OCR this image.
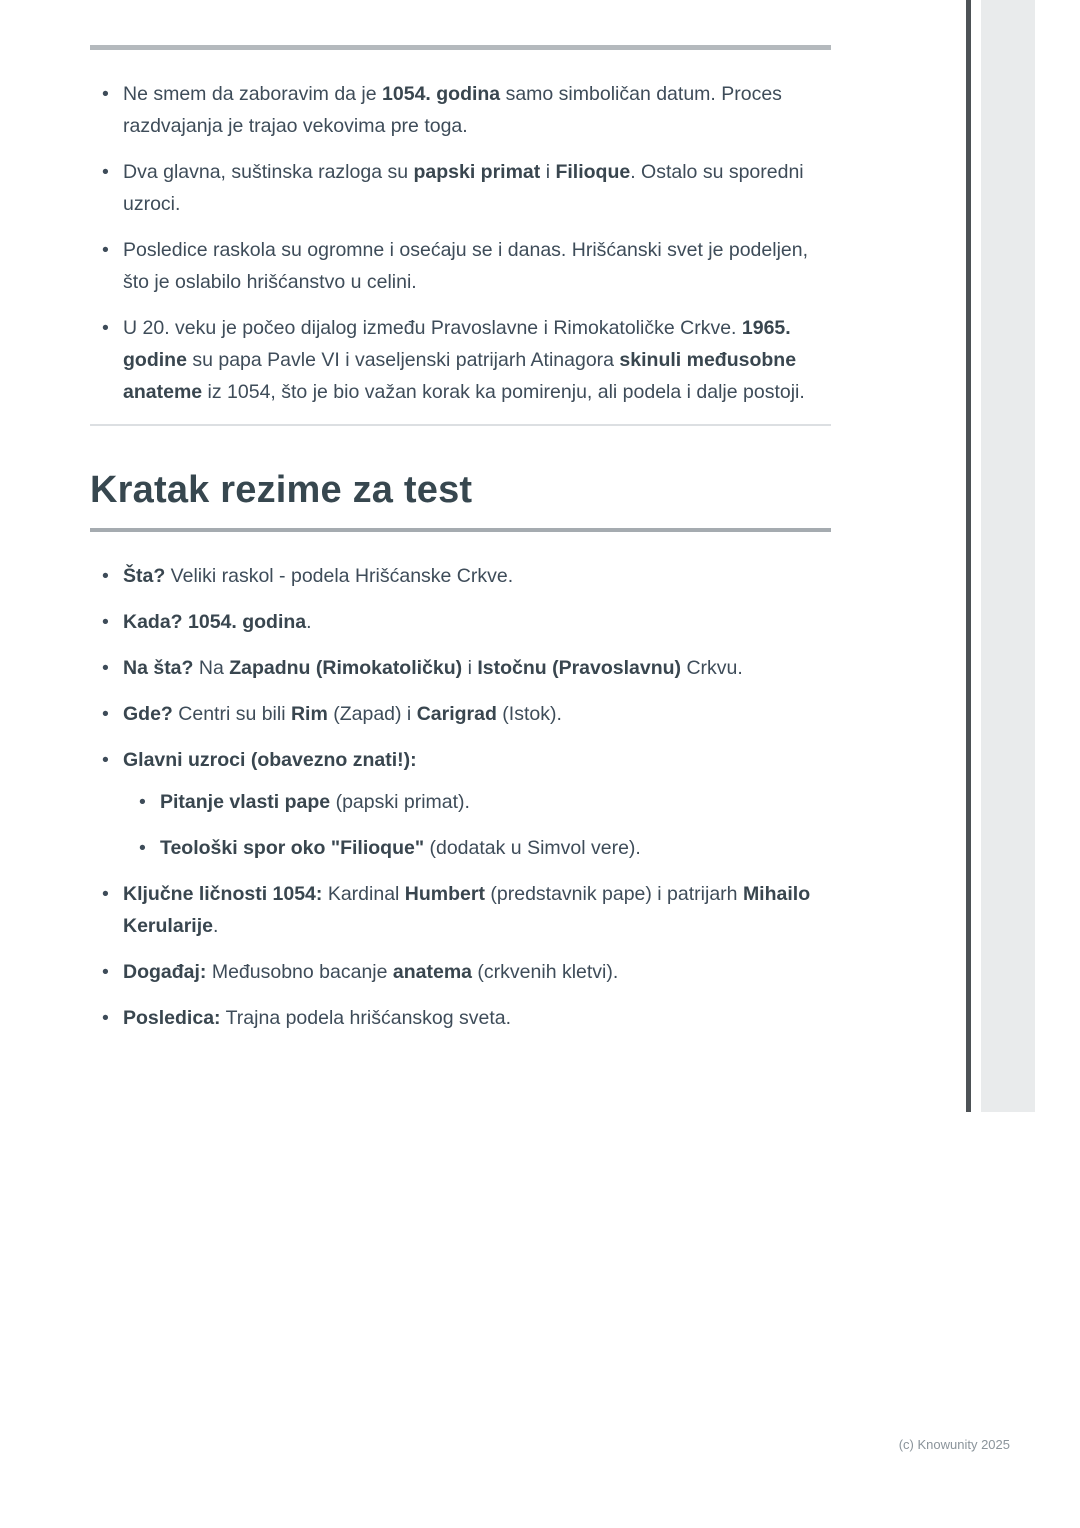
• Ne smem da zaboravim da je 1054. godina samo simboličan datum. Proces razdvajanja je trajao vekovima pre toga.
• Dva glavna, suštinska razloga su papski primat i Filioque. Ostalo su sporedni uzroci.
• Posledice raskola su ogromne i osećaju se i danas. Hrišćanski svet je podeljen, što je oslabilo hrišćanstvo u celini.
• U 20. veku je počeo dijalog između Pravoslavne i Rimokatoličke Crkve. 1965. godine su papa Pavle VI i vaseljenski patrijarh Atinagora skinuli međusobne anateme iz 1054, što je bio važan korak ka pomirenju, ali podela i dalje postoji.
Kratak rezime za test
• Šta? Veliki raskol - podela Hrišćanske Crkve.
• Kada? 1054. godina.
• Na šta? Na Zapadnu (Rimokatoličku) i Istočnu (Pravoslavnu) Crkvu.
• Gde? Centri su bili Rim (Zapad) i Carigrad (Istok).
• Glavni uzroci (obavezno znati!):
• Pitanje vlasti pape (papski primat).
• Teološki spor oko "Filioque" (dodatak u Simvol vere).
• Ključne ličnosti 1054: Kardinal Humbert (predstavnik pape) i patrijarh Mihailo Kerularije.
• Događaj: Međusobno bacanje anatema (crkvenih kletvi).
• Posledica: Trajna podela hrišćanskog sveta.
(c) Knowunity 2025
